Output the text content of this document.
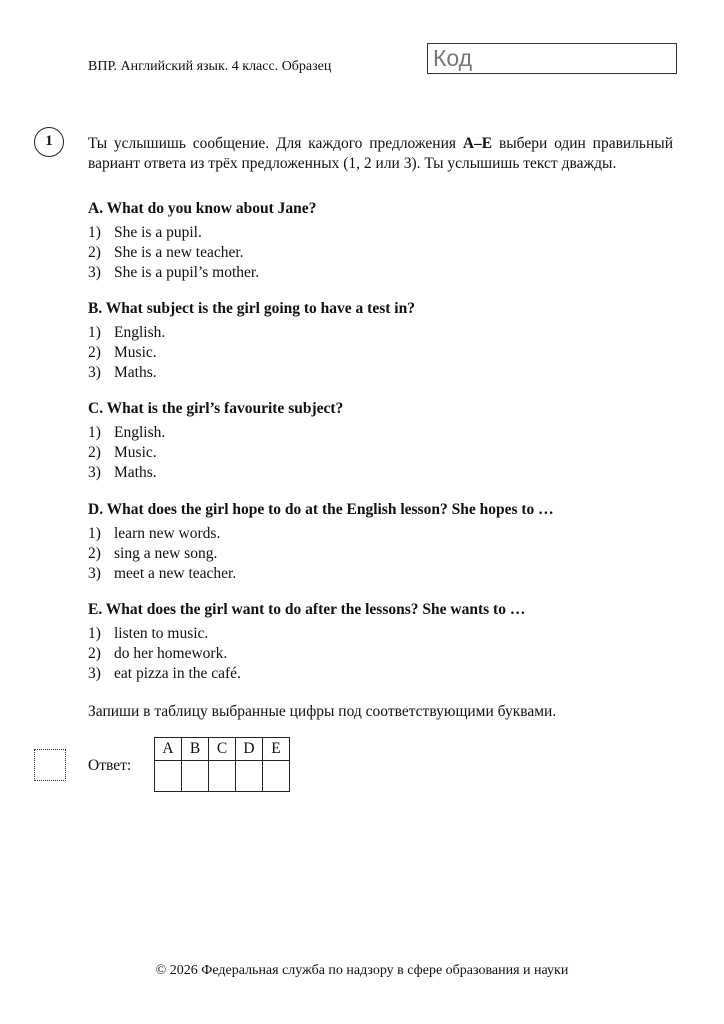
ВПР. Английский язык. 4 класс. Образец	Код
1	Ты услышишь сообщение. Для каждого предложения A–E выбери один правильный вариант ответа из трёх предложенных (1, 2 или 3). Ты услышишь текст дважды.
A. What do you know about Jane?
1) She is a pupil.
2) She is a new teacher.
3) She is a pupil’s mother.
B. What subject is the girl going to have a test in?
1) English.
2) Music.
3) Maths.
C. What is the girl’s favourite subject?
1) English.
2) Music.
3) Maths.
D. What does the girl hope to do at the English lesson? She hopes to …
1) learn new words.
2) sing a new song.
3) meet a new teacher.
E. What does the girl want to do after the lessons? She wants to …
1) listen to music.
2) do her homework.
3) eat pizza in the café.
Запиши в таблицу выбранные цифры под соответствующими буквами.
Ответ:
A	B	C	D	E

© 2026 Федеральная служба по надзору в сфере образования и науки
